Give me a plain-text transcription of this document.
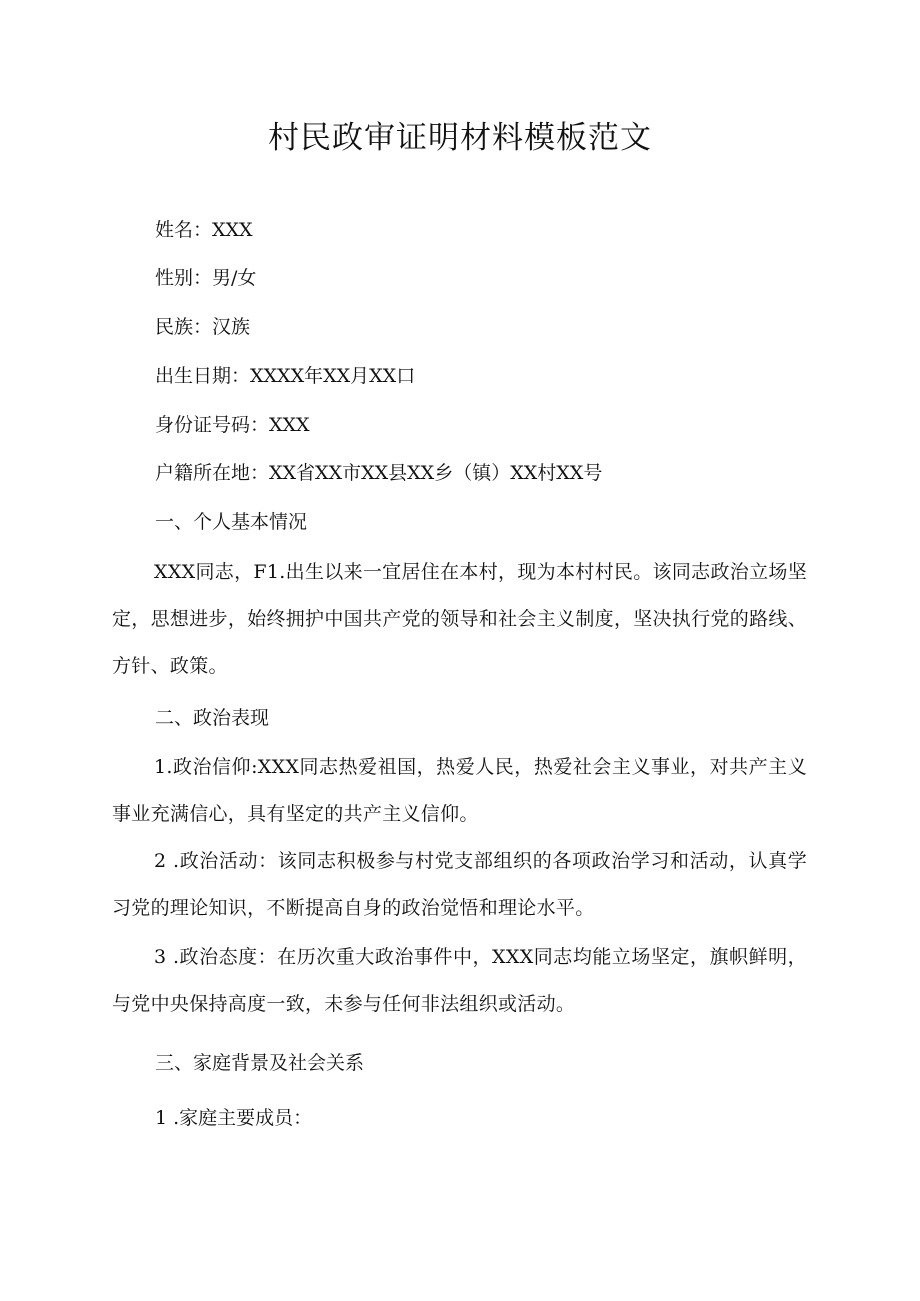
村民政审证明材料模板范文

姓名：XXX

性别：男/女

民族：汉族

出生日期：XXXX年XX月XX口

身份证号码：XXX

户籍所在地：XX省XX市XX县XX乡（镇）XX村XX号

一、个人基本情况

XXX同志，F1.出生以来一宜居住在本村，现为本村村民。该同志政治立场坚定，思想进步，始终拥护中国共产党的领导和社会主义制度，坚决执行党的路线、方针、政策。

二、政治表现

1.政治信仰:XXX同志热爱祖国，热爱人民，热爱社会主义事业，对共产主义事业充满信心，具有坚定的共产主义信仰。

2 .政治活动：该同志积极参与村党支部组织的各项政治学习和活动，认真学习党的理论知识，不断提高自身的政治觉悟和理论水平。

3 .政治态度：在历次重大政治事件中，XXX同志均能立场坚定，旗帜鲜明，与党中央保持高度一致，未参与任何非法组织或活动。

三、家庭背景及社会关系

1 .家庭主要成员：
